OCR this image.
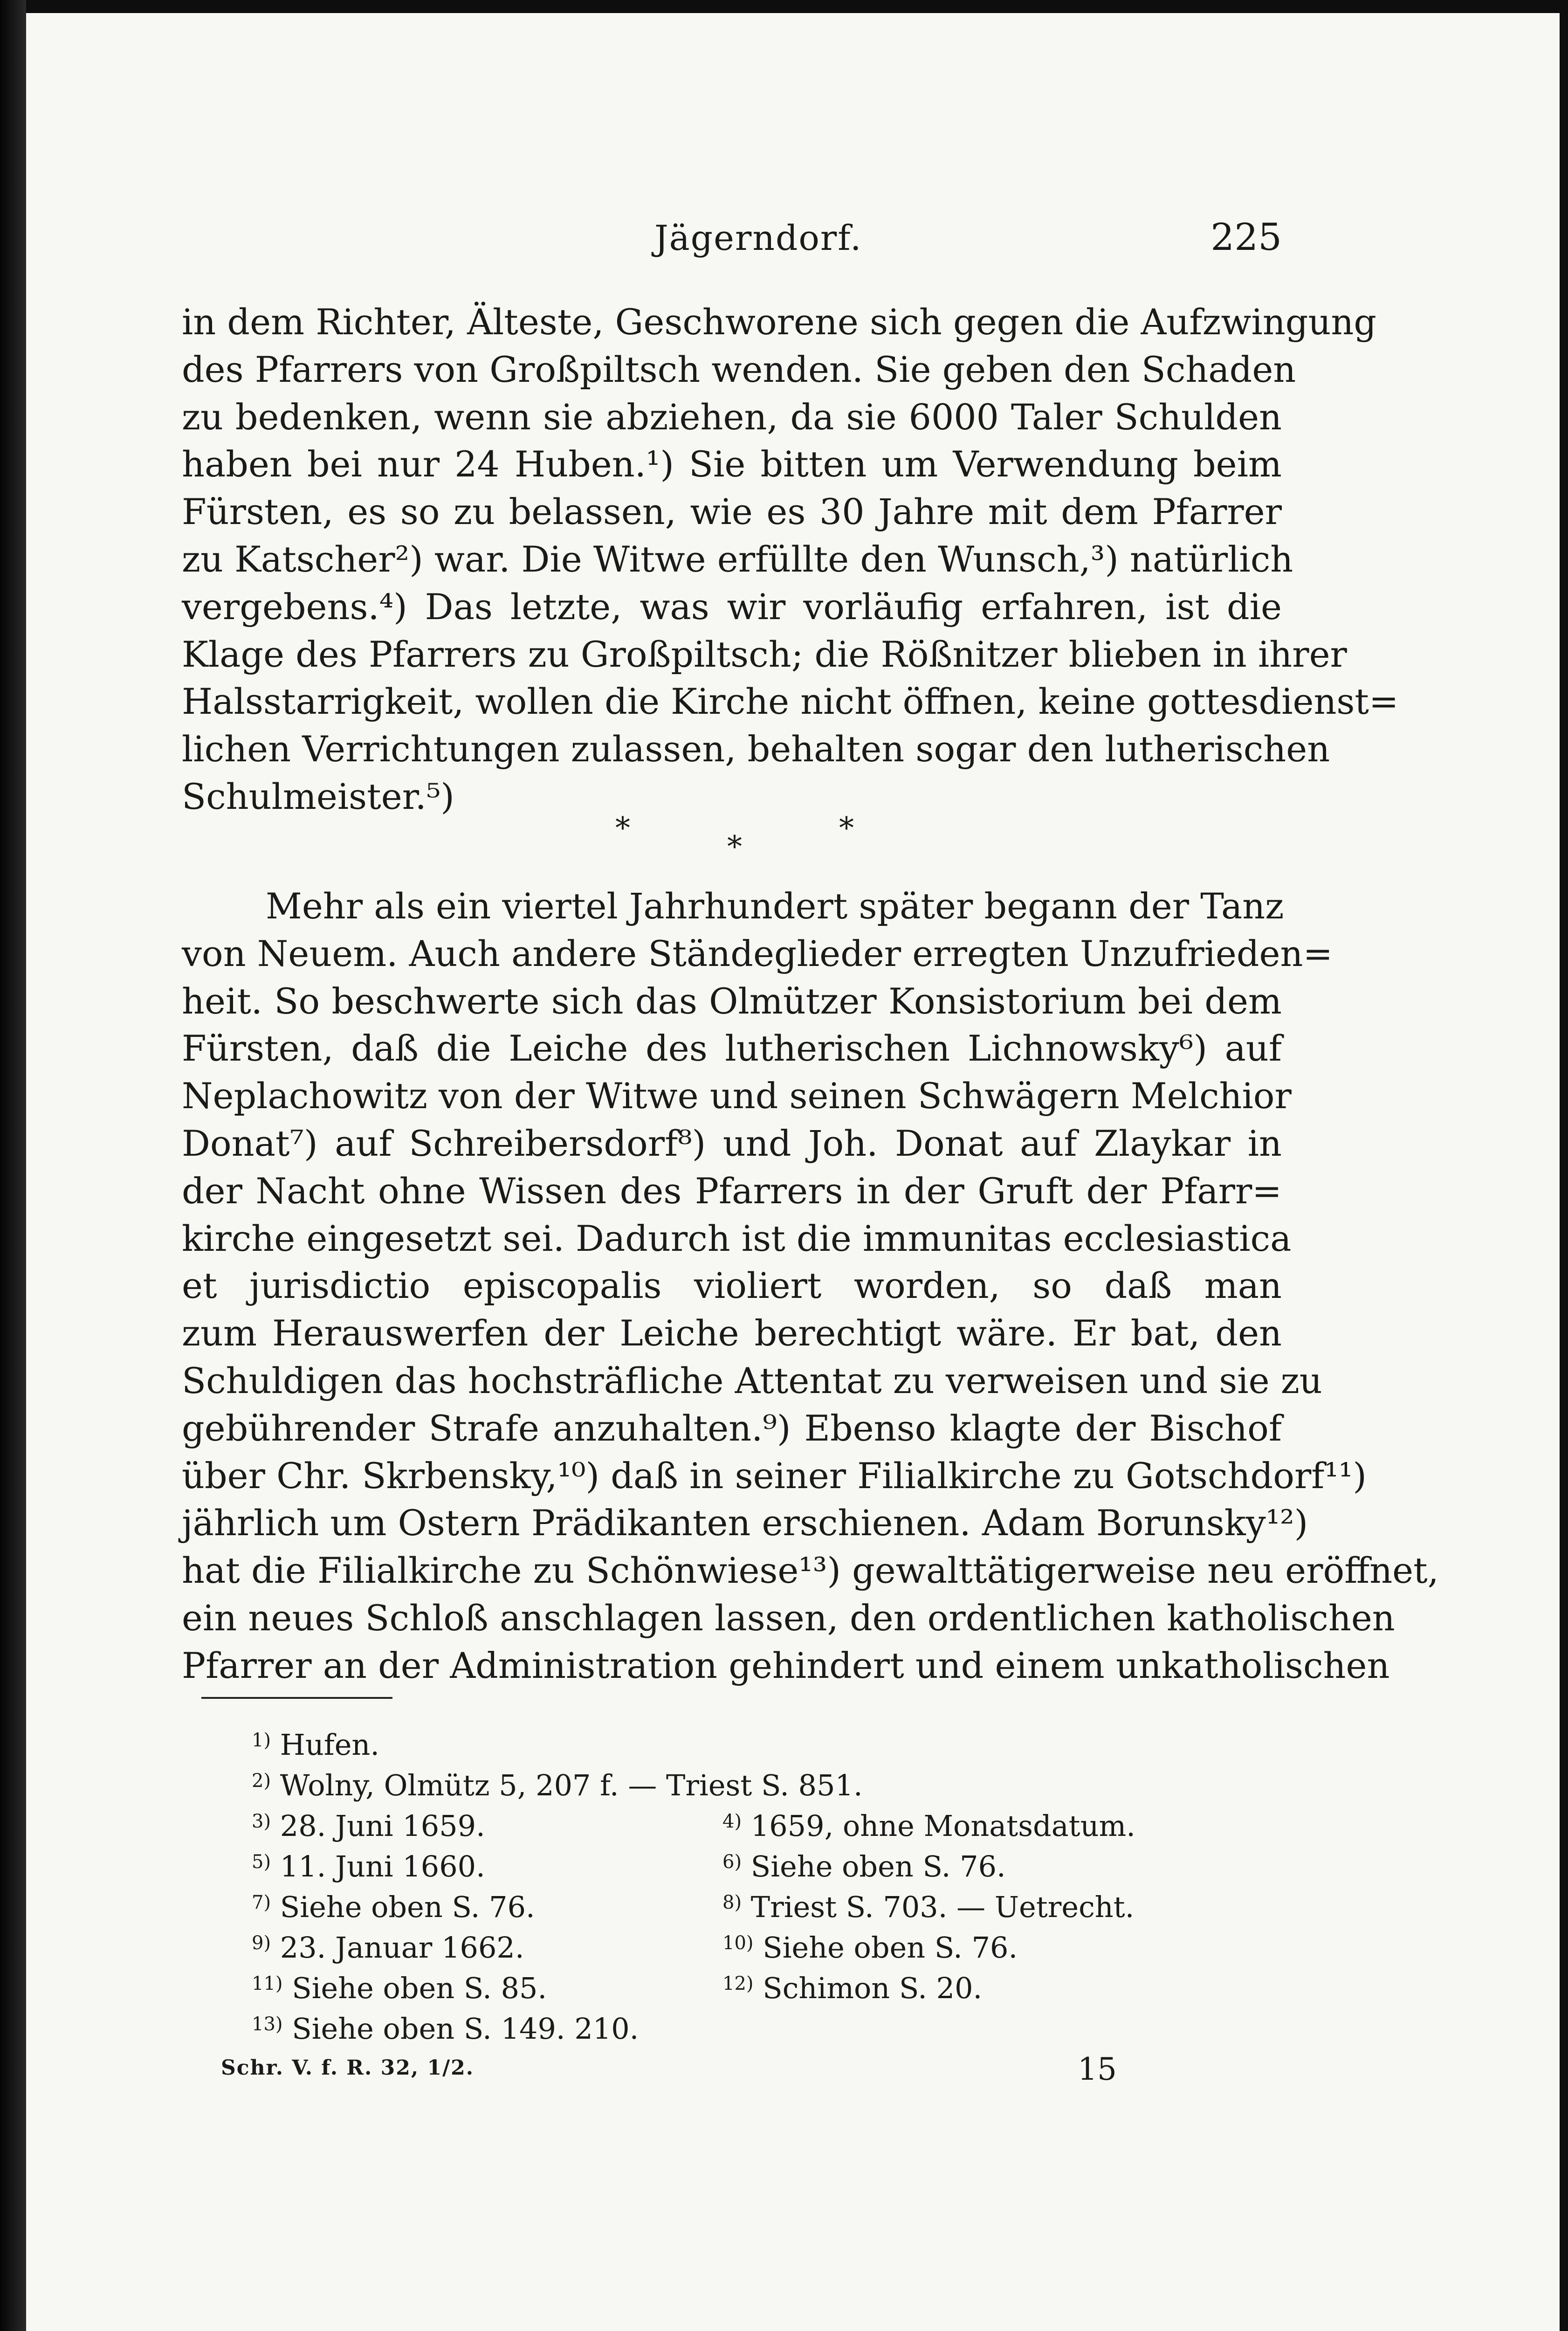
Jägerndorf.	225
in dem Richter, Älteste, Geschworene sich gegen die Aufzwingung
des Pfarrers von Großpiltsch wenden. Sie geben den Schaden
zu bedenken, wenn sie abziehen, da sie 6000 Taler Schulden
haben bei nur 24 Huben.¹) Sie bitten um Verwendung beim
Fürsten, es so zu belassen, wie es 30 Jahre mit dem Pfarrer
zu Katscher²) war. Die Witwe erfüllte den Wunsch,³) natürlich
vergebens.⁴) Das letzte, was wir vorläufig erfahren, ist die
Klage des Pfarrers zu Großpiltsch; die Rößnitzer blieben in ihrer
Halsstarrigkeit, wollen die Kirche nicht öffnen, keine gottesdienst=
lichen Verrichtungen zulassen, behalten sogar den lutherischen
Schulmeister.⁵)
*
*
*
Mehr als ein viertel Jahrhundert später begann der Tanz
von Neuem. Auch andere Ständeglieder erregten Unzufrieden=
heit. So beschwerte sich das Olmützer Konsistorium bei dem
Fürsten, daß die Leiche des lutherischen Lichnowsky⁶) auf
Neplachowitz von der Witwe und seinen Schwägern Melchior
Donat⁷) auf Schreibersdorf⁸) und Joh. Donat auf Zlaykar in
der Nacht ohne Wissen des Pfarrers in der Gruft der Pfarr=
kirche eingesetzt sei. Dadurch ist die immunitas ecclesiastica
et jurisdictio episcopalis violiert worden, so daß man
zum Herauswerfen der Leiche berechtigt wäre. Er bat, den
Schuldigen das hochsträfliche Attentat zu verweisen und sie zu
gebührender Strafe anzuhalten.⁹) Ebenso klagte der Bischof
über Chr. Skrbensky,¹⁰) daß in seiner Filialkirche zu Gotschdorf¹¹)
jährlich um Ostern Prädikanten erschienen. Adam Borunsky¹²)
hat die Filialkirche zu Schönwiese¹³) gewalttätigerweise neu eröffnet,
ein neues Schloß anschlagen lassen, den ordentlichen katholischen
Pfarrer an der Administration gehindert und einem unkatholischen
$^{1)}$ Hufen.
$^{2)}$ Wolny, Olmütz 5, 207 f. — Triest S. 851.
$^{3)}$ 28. Juni 1659.	$^{4)}$ 1659, ohne Monatsdatum.
$^{5)}$ 11. Juni 1660.	$^{6)}$ Siehe oben S. 76.
$^{7)}$ Siehe oben S. 76.	$^{8)}$ Triest S. 703. — Uetrecht.
$^{9)}$ 23. Januar 1662.	$^{10)}$ Siehe oben S. 76.
$^{11)}$ Siehe oben S. 85.	$^{12)}$ Schimon S. 20.
$^{13)}$ Siehe oben S. 149. 210.
Schr. V. f. R. 32, 1/2.	15
